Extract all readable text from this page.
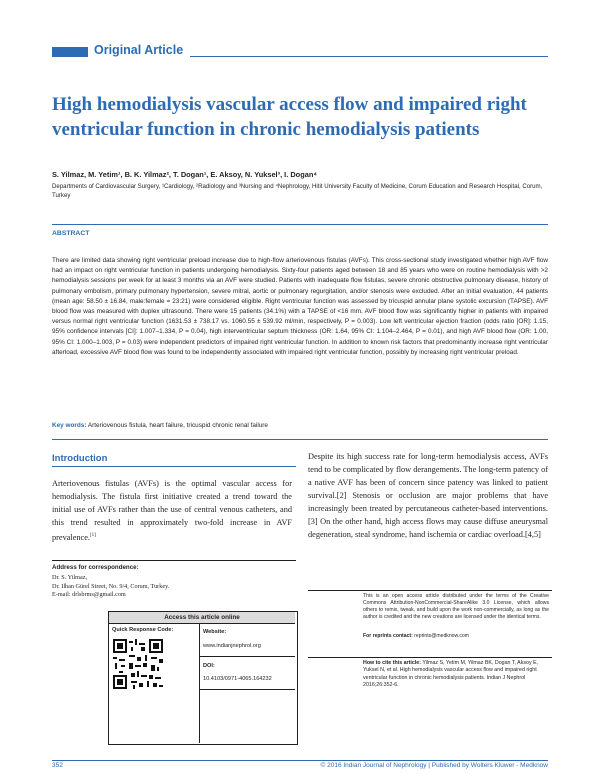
Original Article
High hemodialysis vascular access flow and impaired right ventricular function in chronic hemodialysis patients
S. Yilmaz, M. Yetim¹, B. K. Yilmaz², T. Dogan¹, E. Aksoy, N. Yuksel³, I. Dogan⁴
Departments of Cardiovascular Surgery, ¹Cardiology, ²Radiology and ³Nursing and ⁴Nephrology, Hitit University Faculty of Medicine, Corum Education and Research Hospital, Corum, Turkey
ABSTRACT
There are limited data showing right ventricular preload increase due to high-flow arteriovenous fistulas (AVFs). This cross-sectional study investigated whether high AVF flow had an impact on right ventricular function in patients undergoing hemodialysis. Sixty-four patients aged between 18 and 85 years who were on routine hemodialysis with >2 hemodialysis sessions per week for at least 3 months via an AVF were studied. Patients with inadequate flow fistulas, severe chronic obstructive pulmonary disease, history of pulmonary embolism, primary pulmonary hypertension, severe mitral, aortic or pulmonary regurgitation, and/or stenosis were excluded. After an initial evaluation, 44 patients (mean age: 58.50 ± 16.84, male:female = 23:21) were considered eligible. Right ventricular function was assessed by tricuspid annular plane systolic excursion (TAPSE). AVF blood flow was measured with duplex ultrasound. There were 15 patients (34.1%) with a TAPSE of <16 mm. AVF blood flow was significantly higher in patients with impaired versus normal right ventricular function (1631.53 ± 738.17 vs. 1060.55 ± 539.92 ml/min, respectively, P = 0.003). Low left ventricular ejection fraction (odds ratio [OR]: 1.15, 95% confidence intervals [CI]: 1.007–1.334, P = 0.04), high interventricular septum thickness (OR: 1.64, 95% CI: 1.104–2.464, P = 0.01), and high AVF blood flow (OR: 1.00, 95% CI: 1.000–1.003, P = 0.03) were independent predictors of impaired right ventricular function. In addition to known risk factors that predominantly increase right ventricular afterload, excessive AVF blood flow was found to be independently associated with impaired right ventricular function, possibly by increasing right ventricular preload.
Key words: Arteriovenous fistula, heart failure, tricuspid chronic renal failure
Introduction
Arteriovenous fistulas (AVFs) is the optimal vascular access for hemodialysis. The fistula first initiative created a trend toward the initial use of AVFs rather than the use of central venous catheters, and this trend resulted in approximately two-fold increase in AVF prevalence.[1]
Despite its high success rate for long-term hemodialysis access, AVFs tend to be complicated by flow derangements. The long-term patency of a native AVF has been of concern since patency was linked to patient survival.[2] Stenosis or occlusion are major problems that have increasingly been treated by percutaneous catheter-based interventions.[3] On the other hand, high access flows may cause diffuse aneurysmal degeneration, steal syndrome, hand ischemia or cardiac overload.[4,5]
Address for correspondence:
Dr. S. Yilmaz,
Dr. Ilhan Gürel Street, No. 9/4, Corum, Turkey.
E-mail: drlsbrms@gmail.com
Access this article online
Quick Response Code:	Website:
www.indianjnephrol.org
DOI:
10.4103/0971-4065.164232
This is an open access article distributed under the terms of the Creative Commons Attribution-NonCommercial-ShareAlike 3.0 License, which allows others to remix, tweak, and build upon the work non-commercially, as long as the author is credited and the new creations are licensed under the identical terms.
For reprints contact: reprints@medknow.com
How to cite this article: Yilmaz S, Yetim M, Yilmaz BK, Dogan T, Aksoy E, Yuksel N, et al. High hemodialysis vascular access flow and impaired right ventricular function in chronic hemodialysis patients. Indian J Nephrol 2016;26:352-6.
352	© 2016 Indian Journal of Nephrology | Published by Wolters Kluwer - Medknow
